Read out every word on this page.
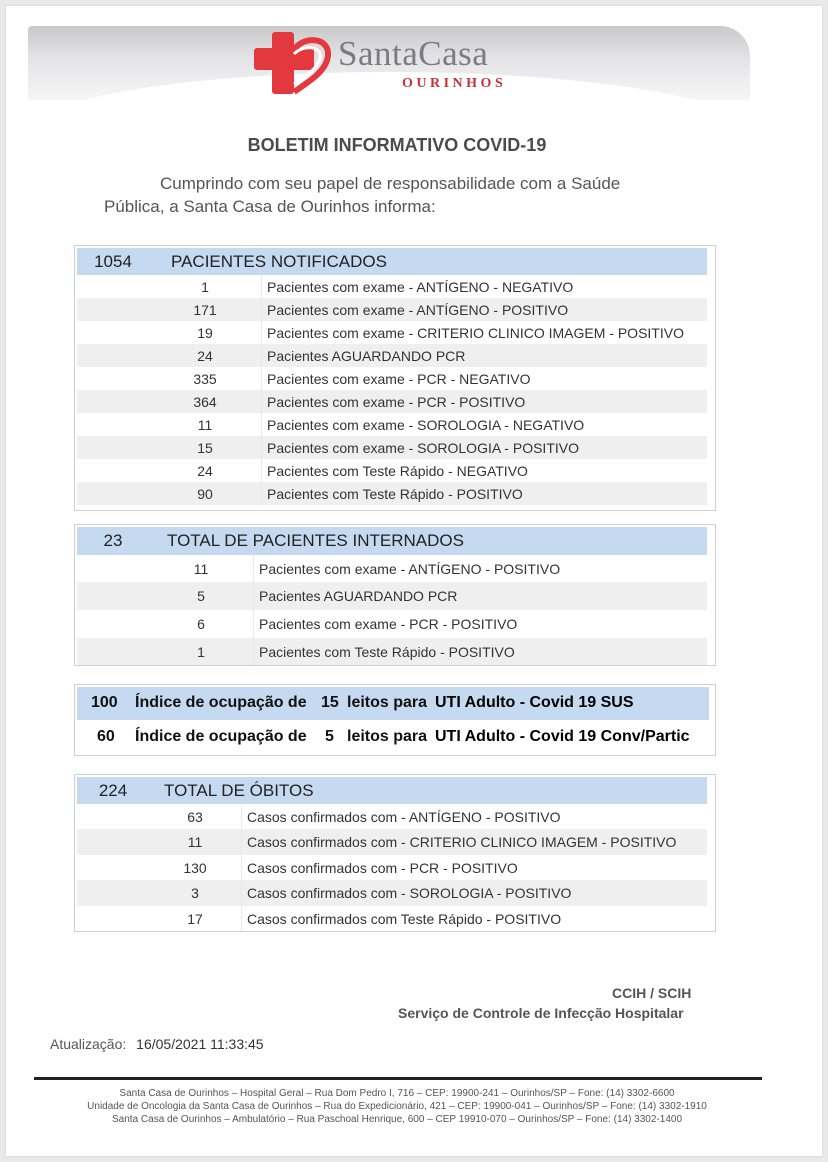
SantaCasa
OURINHOS
BOLETIM INFORMATIVO COVID-19
Cumprindo com seu papel de responsabilidade com a Saúde
Pública, a Santa Casa de Ourinhos informa:
1054	PACIENTES NOTIFICADOS	
	1	Pacientes com exame - ANTÍGENO - NEGATIVO
	171	Pacientes com exame - ANTÍGENO - POSITIVO
	19	Pacientes com exame - CRITERIO CLINICO IMAGEM - POSITIVO
	24	Pacientes AGUARDANDO PCR
	335	Pacientes com exame - PCR - NEGATIVO
	364	Pacientes com exame - PCR - POSITIVO
	11	Pacientes com exame - SOROLOGIA - NEGATIVO
	15	Pacientes com exame - SOROLOGIA - POSITIVO
	24	Pacientes com Teste Rápido - NEGATIVO
	90	Pacientes com Teste Rápido - POSITIVO
23	TOTAL DE PACIENTES INTERNADOS	
	11	Pacientes com exame - ANTÍGENO - POSITIVO
	5	Pacientes AGUARDANDO PCR
	6	Pacientes com exame - PCR - POSITIVO
	1	Pacientes com Teste Rápido - POSITIVO
100 Índice de ocupação de 15 leitos para UTI Adulto - Covid 19 SUS
60 Índice de ocupação de 5 leitos para UTI Adulto - Covid 19 Conv/Partic
224	TOTAL DE ÓBITOS	
	63	Casos confirmados com - ANTÍGENO - POSITIVO
	11	Casos confirmados com - CRITERIO CLINICO IMAGEM - POSITIVO
	130	Casos confirmados com - PCR - POSITIVO
	3	Casos confirmados com - SOROLOGIA - POSITIVO
	17	Casos confirmados com Teste Rápido - POSITIVO
CCIH / SCIH
Serviço de Controle de Infecção Hospitalar
Atualização: 16/05/2021 11:33:45
Santa Casa de Ourinhos – Hospital Geral – Rua Dom Pedro I, 716 – CEP: 19900-241 – Ourinhos/SP – Fone: (14) 3302-6600
Unidade de Oncologia da Santa Casa de Ourinhos – Rua do Expedicionário, 421 – CEP: 19900-041 – Ourinhos/SP – Fone: (14) 3302-1910
Santa Casa de Ourinhos – Ambulatório – Rua Paschoal Henrique, 600 – CEP 19910-070 – Ourinhos/SP – Fone: (14) 3302-1400
